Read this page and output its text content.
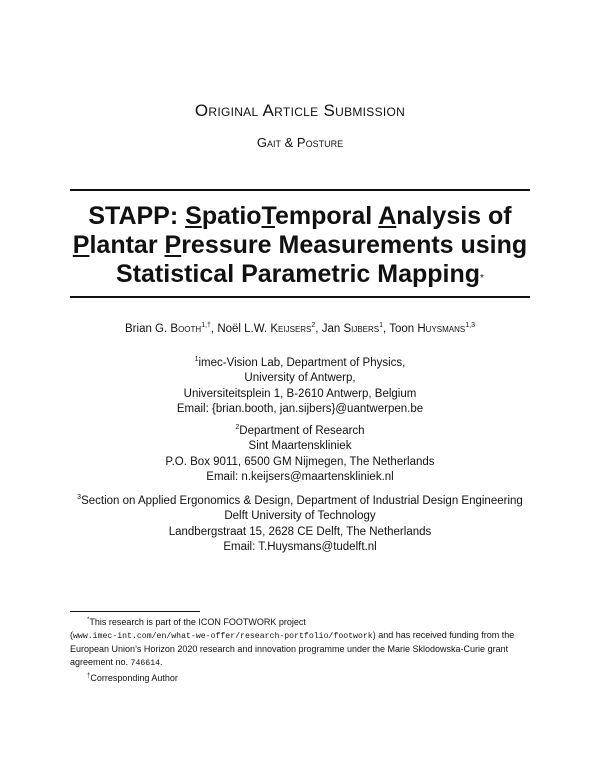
Original Article Submission
Gait & Posture
STAPP: SpatioTemporal Analysis of
Plantar Pressure Measurements using
Statistical Parametric Mapping*
Brian G. Booth$^{1,\dagger}$, Noël L.W. Keijsers$^2$, Jan Sijbers$^1$, Toon Huysmans$^{1,3}$
$^1$imec-Vision Lab, Department of Physics,
University of Antwerp,
Universiteitsplein 1, B-2610 Antwerp, Belgium
Email: {brian.booth, jan.sijbers}@uantwerpen.be
$^2$Department of Research
Sint Maartenskliniek
P.O. Box 9011, 6500 GM Nijmegen, The Netherlands
Email: n.keijsers@maartenskliniek.nl
$^3$Section on Applied Ergonomics & Design, Department of Industrial Design Engineering
Delft University of Technology
Landbergstraat 15, 2628 CE Delft, The Netherlands
Email: T.Huysmans@tudelft.nl

*This research is part of the ICON FOOTWORK project

(www.imec-int.com/en/what-we-offer/research-portfolio/footwork) and has received funding from the European Union’s Horizon 2020 research and innovation programme under the Marie Sklodowska-Curie grant agreement no. 746614.

†Corresponding Author
